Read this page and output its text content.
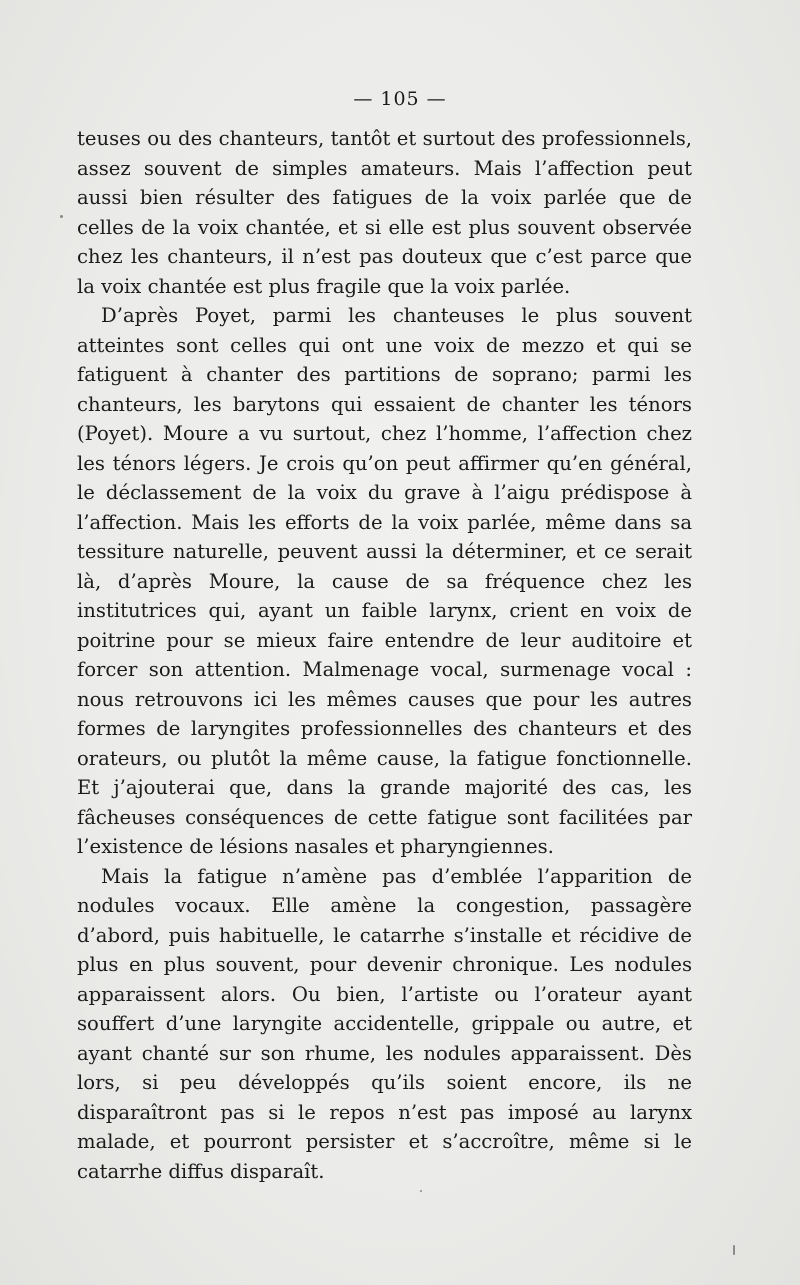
— 105 —

teuses ou des chanteurs, tantôt et surtout des professionnels, assez souvent de simples amateurs. Mais l’affection peut aussi bien résulter des fatigues de la voix parlée que de celles de la voix chantée, et si elle est plus souvent observée chez les chanteurs, il n’est pas douteux que c’est parce que la voix chantée est plus fragile que la voix parlée.

D’après Poyet, parmi les chanteuses le plus souvent atteintes sont celles qui ont une voix de mezzo et qui se fatiguent à chanter des partitions de soprano; parmi les chanteurs, les barytons qui essaient de chanter les ténors (Poyet). Moure a vu surtout, chez l’homme, l’affection chez les ténors légers. Je crois qu’on peut affirmer qu’en général, le déclassement de la voix du grave à l’aigu prédispose à l’affection. Mais les efforts de la voix parlée, même dans sa tessiture naturelle, peuvent aussi la déterminer, et ce serait là, d’après Moure, la cause de sa fréquence chez les institutrices qui, ayant un faible larynx, crient en voix de poitrine pour se mieux faire entendre de leur auditoire et forcer son attention. Malmenage vocal, surmenage vocal : nous retrouvons ici les mêmes causes que pour les autres formes de laryngites professionnelles des chanteurs et des orateurs, ou plutôt la même cause, la fatigue fonctionnelle. Et j’ajouterai que, dans la grande majorité des cas, les fâcheuses conséquences de cette fatigue sont facilitées par l’existence de lésions nasales et pharyngiennes.

Mais la fatigue n’amène pas d’emblée l’apparition de nodules vocaux. Elle amène la congestion, passagère d’abord, puis habituelle, le catarrhe s’installe et récidive de plus en plus souvent, pour devenir chronique. Les nodules apparaissent alors. Ou bien, l’artiste ou l’orateur ayant souffert d’une laryngite accidentelle, grippale ou autre, et ayant chanté sur son rhume, les nodules apparaissent. Dès lors, si peu développés qu’ils soient encore, ils ne disparaîtront pas si le repos n’est pas imposé au larynx malade, et pourront persister et s’accroître, même si le catarrhe diffus disparaît.
